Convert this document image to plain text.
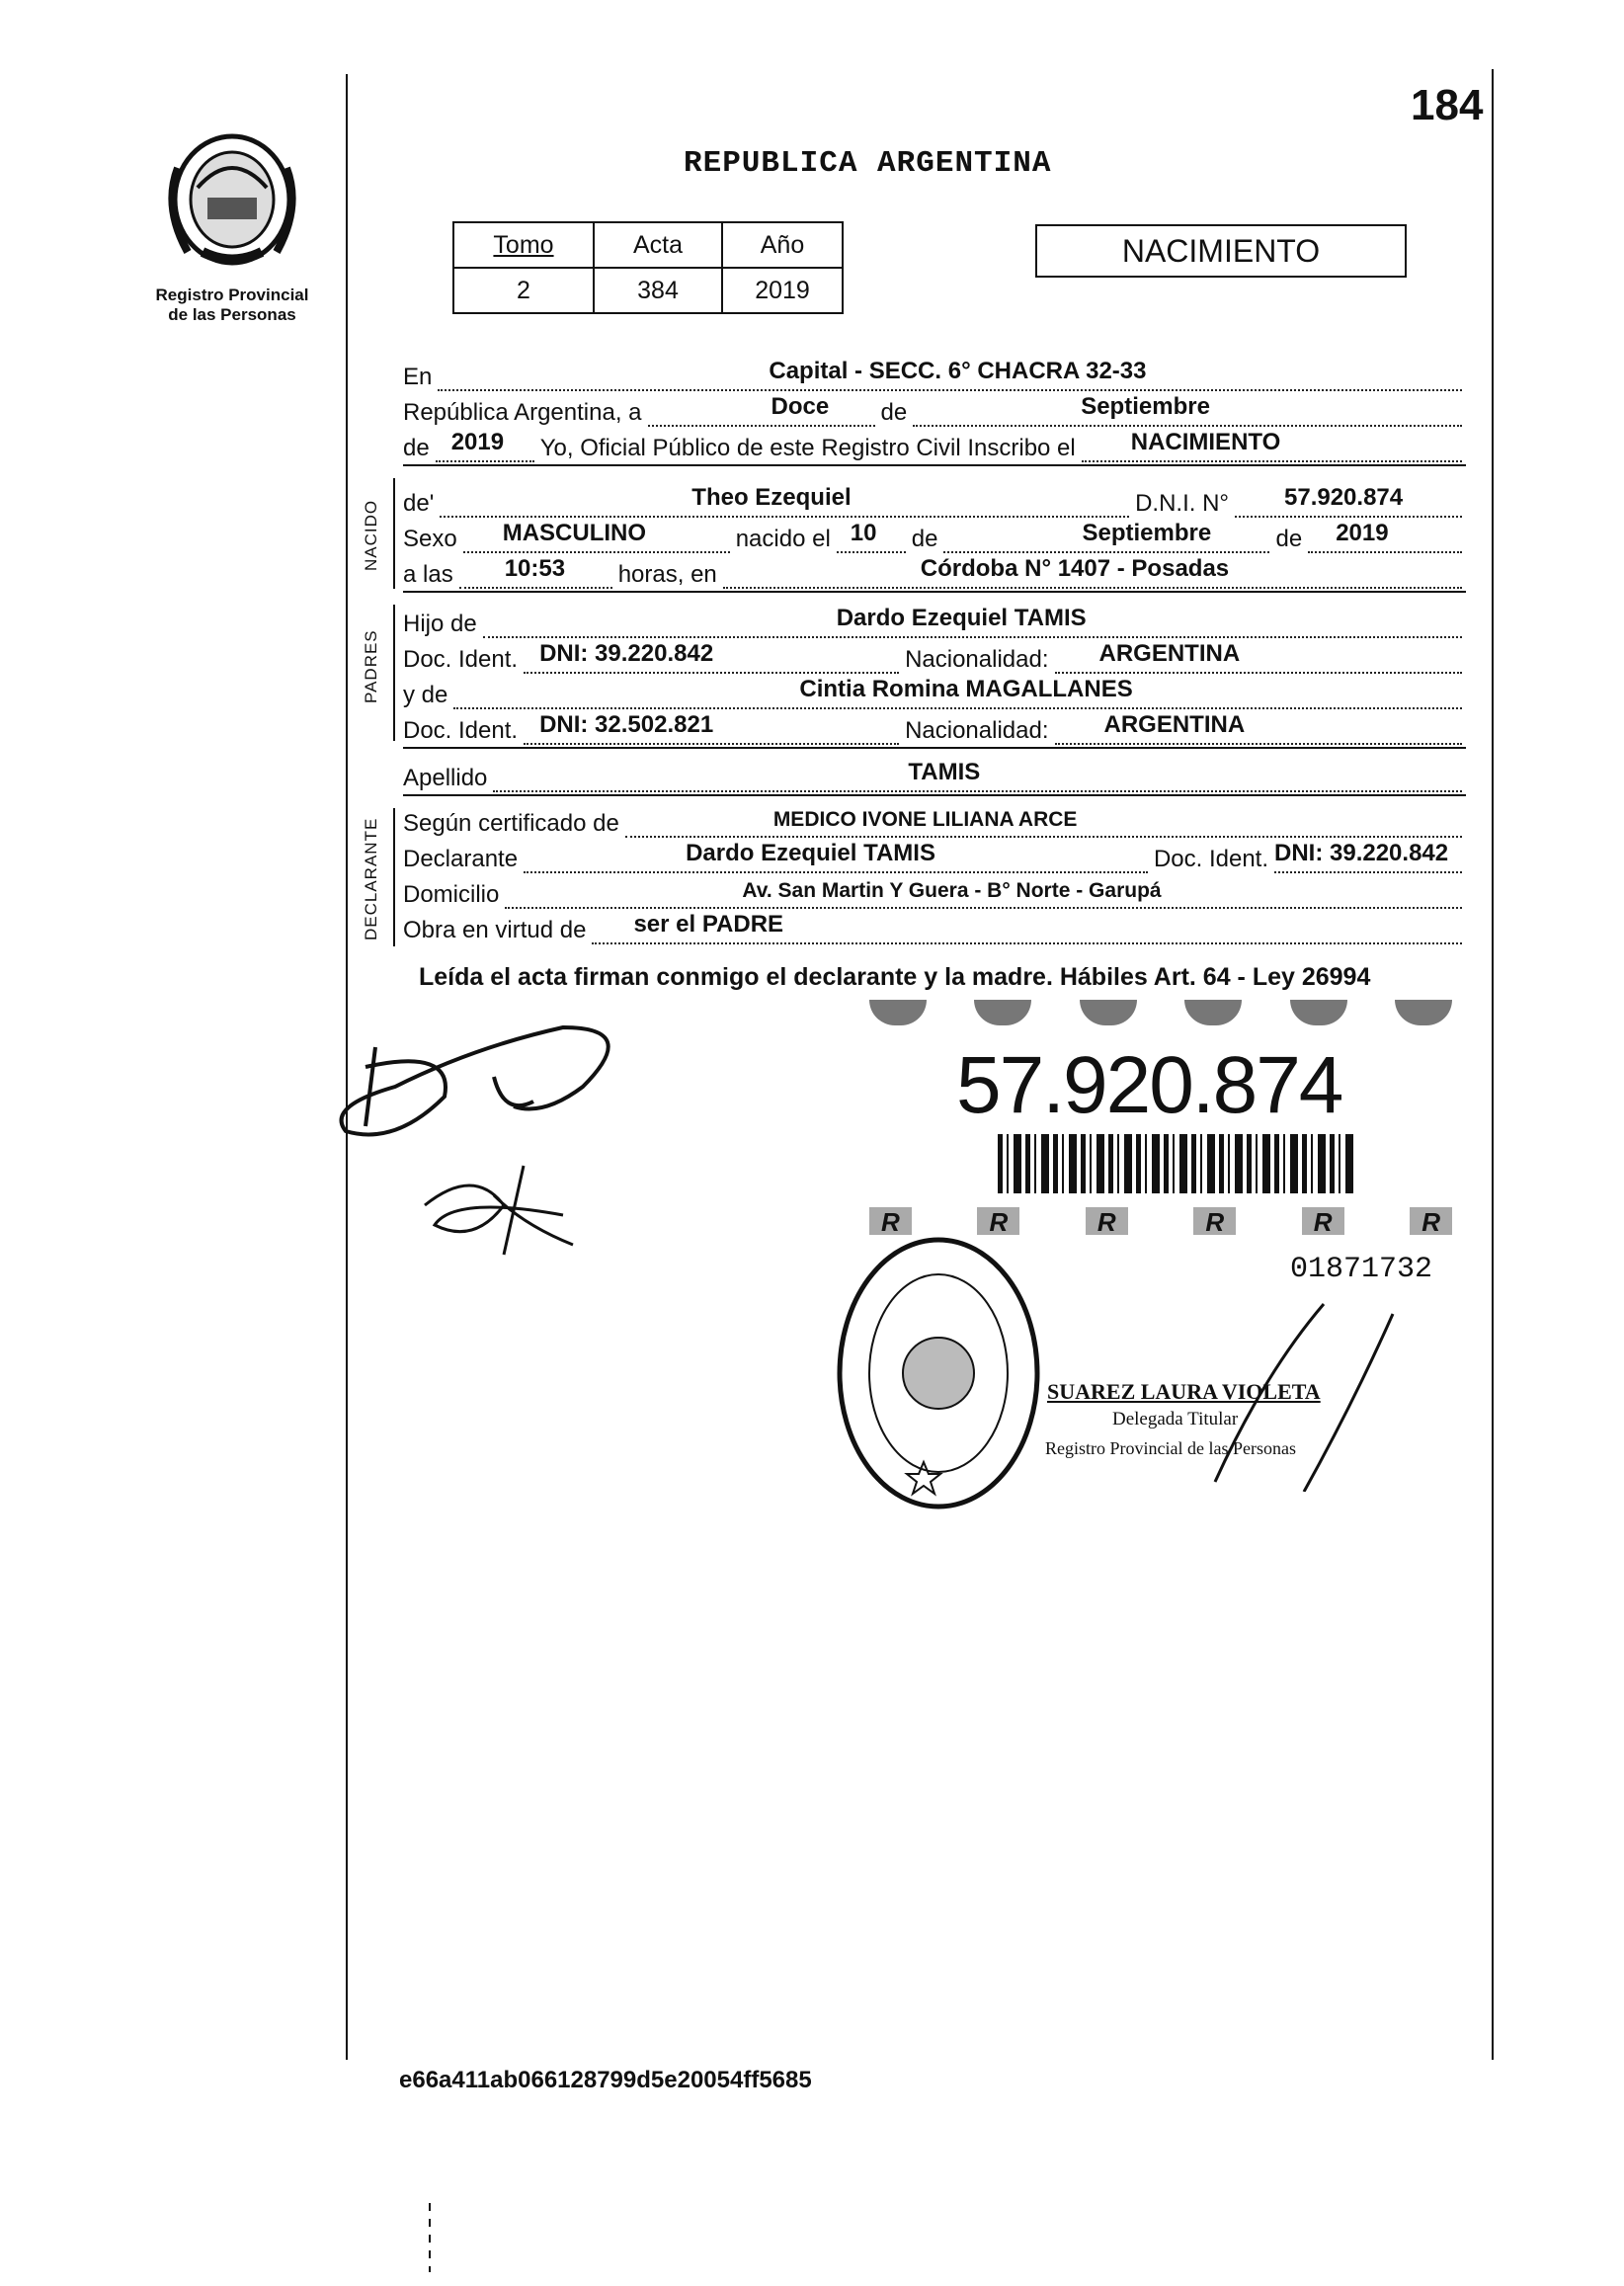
184
Registro Provincial
de las Personas
REPUBLICA ARGENTINA
Tomo	Acta	Año
2	384	2019
NACIMIENTO
En	Capital - SECC. 6° CHACRA 32-33
República Argentina, a	Doce de	Septiembre
de 2019 Yo, Oficial Público de este Registro Civil Inscribo el NACIMIENTO
NACIDO de'	Theo Ezequiel	D.N.I. N° 57.920.874
Sexo MASCULINO	nacido el 10 de	Septiembre	de 2019
a las 10:53 horas, en	Córdoba N° 1407 - Posadas
PADRES
Hijo de	Dardo Ezequiel TAMIS
Doc. Ident. DNI: 39.220.842	Nacionalidad: ARGENTINA
y de	Cintia Romina MAGALLANES
Doc. Ident. DNI: 32.502.821	Nacionalidad: ARGENTINA
Apellido	TAMIS
DECLARANTE Según certificado de	MEDICO IVONE LILIANA ARCE
Declarante	Dardo Ezequiel TAMIS	Doc. Ident. DNI: 39.220.842
Domicilio	Av. San Martin Y Guera - B° Norte - Garupá
Obra en virtud de ser el PADRE
Leída el acta firman conmigo el declarante y la madre. Hábiles Art. 64 - Ley 26994
57.920.874
R	R	R	R	R	R
01871732
SUAREZ LAURA VIOLETA
Delegada Titular
Registro Provincial de las Personas
e66a411ab066128799d5e20054ff5685
